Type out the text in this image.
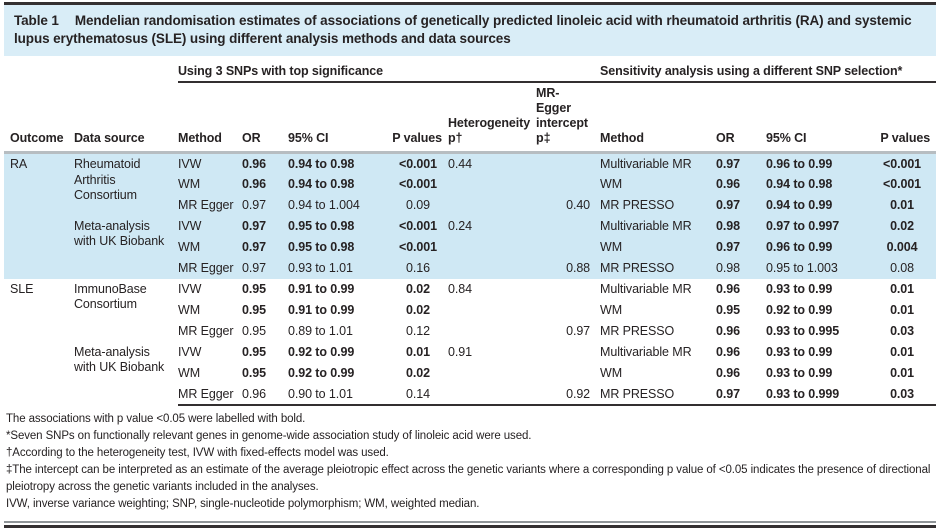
Table 1 Mendelian randomisation estimates of associations of genetically predicted linoleic acid with rheumatoid arthritis (RA) and systemic lupus erythematosus (SLE) using different analysis methods and data sources
		Using 3 SNPs with top significance						Sensitivity analysis using a different SNP selection*			
Outcome	Data source	Method	OR	95% CI	P values	Heterogeneity p†	MR-Egger intercept p‡	Method	OR	95% CI	P values
RA	Rheumatoid Arthritis Consortium	IVW	0.96	0.94 to 0.98	<0.001	0.44		Multivariable MR	0.97	0.96 to 0.99	<0.001
		WM	0.96	0.94 to 0.98	<0.001			WM	0.96	0.94 to 0.98	<0.001
		MR Egger	0.97	0.94 to 1.004	0.09		0.40	MR PRESSO	0.97	0.94 to 0.99	0.01
	Meta-analysis with UK Biobank	IVW	0.97	0.95 to 0.98	<0.001	0.24		Multivariable MR	0.98	0.97 to 0.997	0.02
		WM	0.97	0.95 to 0.98	<0.001			WM	0.97	0.96 to 0.99	0.004
		MR Egger	0.97	0.93 to 1.01	0.16		0.88	MR PRESSO	0.98	0.95 to 1.003	0.08
SLE	ImmunoBase Consortium	IVW	0.95	0.91 to 0.99	0.02	0.84		Multivariable MR	0.96	0.93 to 0.99	0.01
		WM	0.95	0.91 to 0.99	0.02			WM	0.95	0.92 to 0.99	0.01
		MR Egger	0.95	0.89 to 1.01	0.12		0.97	MR PRESSO	0.96	0.93 to 0.995	0.03
	Meta-analysis with UK Biobank	IVW	0.95	0.92 to 0.99	0.01	0.91		Multivariable MR	0.96	0.93 to 0.99	0.01
		WM	0.95	0.92 to 0.99	0.02			WM	0.96	0.93 to 0.99	0.01
		MR Egger	0.96	0.90 to 1.01	0.14		0.92	MR PRESSO	0.97	0.93 to 0.999	0.03

The associations with p value <0.05 were labelled with bold.

*Seven SNPs on functionally relevant genes in genome-wide association study of linoleic acid were used.

†According to the heterogeneity test, IVW with fixed-effects model was used.

‡The intercept can be interpreted as an estimate of the average pleiotropic effect across the genetic variants where a corresponding p value of <0.05 indicates the presence of directional pleiotropy across the genetic variants included in the analyses.

IVW, inverse variance weighting; SNP, single-nucleotide polymorphism; WM, weighted median.
